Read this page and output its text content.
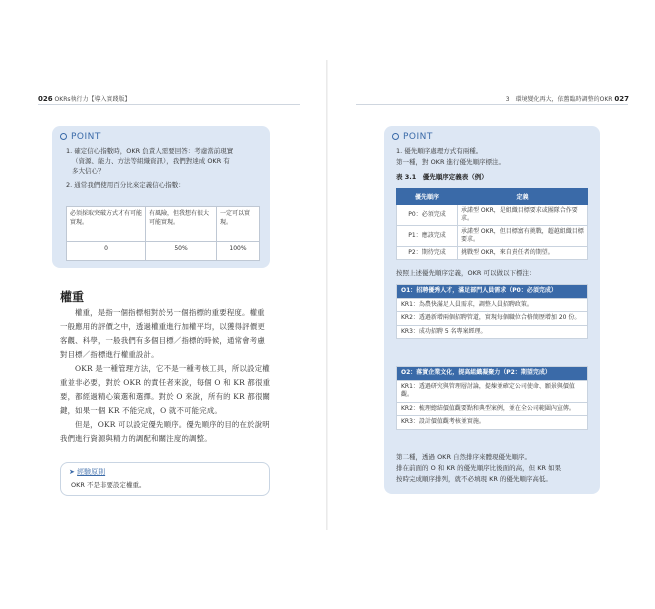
026 OKRs執行力【導入實踐版】
POINT
1. 確定信心指數時，OKR 負責人需要回答：考慮當前現實
（資源、能力、方法等組織資訊），我們對達成 OKR 有
多大信心？
2. 通常我們使用百分比來定義信心指數：
必須採取突破方式才有可能實現。	有風險，但我想有很大可能實現。	一定可以實現。
0	50%	100%
權重
權重，是指一個指標相對於另一個指標的重要程度。權重一般應用的評價之中，透過權重進行加權平均，以獲得評價更客觀、科學，一般我們有多個目標／指標的時候，通常會考慮對目標／指標進行權重設計。
OKR 是一種管理方法，它不是一種考核工具，所以設定權重並非必要，對於 OKR 的責任者來說，每個 O 和 KR 都很重要，都經過精心策選和選擇。對於 O 來說，所有的 KR 都很關鍵，如果一個 KR 不能完成，O 就不可能完成。
但是，OKR 可以設定優先順序。優先順序的目的在於說明我們進行資源與精力的調配和關注度的調整。
➤ 經驗原則
OKR 不是非要設定權重。
3　環境變化再大，依舊臨時調整的OKR 027
POINT
1. 優先順序處理方式有兩種。
第一種，對 OKR 進行優先順序標注。
表 3.1　優先順序定義表（例）
優先順序	定義
P0：必須完成	承諾型 OKR，是組織目標要求或團隊合作要求。
P1：應該完成	承諾型 OKR，但目標富有挑戰，超越組織目標要求。
P2：期待完成	挑戰型 OKR，來自責任者的期望。
按照上述優先順序定義，OKR 可以做以下標注：
O1：招聘優秀人才，滿足部門人員需求（P0：必須完成）
KR1：為農快滿足人員需求，調整人員招聘政策。
KR2：透過新增兩個招聘管道，實現每個職位合格簡歷增加 20 份。
KR3：成功招聘 5 名專案經理。
O2：落實企業文化，提高組織凝聚力（P2：期望完成）
KR1：透過研究與管理層討論，提煉並確定公司使命、願景與價值觀。
KR2：梳理總結價值觀要點和典型案例，並在全公司範圍內宣傳。
KR3：設計價值觀考核並實施。
第二種，透過 OKR 自然排序來體現優先順序。
排在前面的 O 和 KR 的優先順序比後面的高，但 KR 如果
按時完成順序排列，就不必填現 KR 的優先順序高低。
